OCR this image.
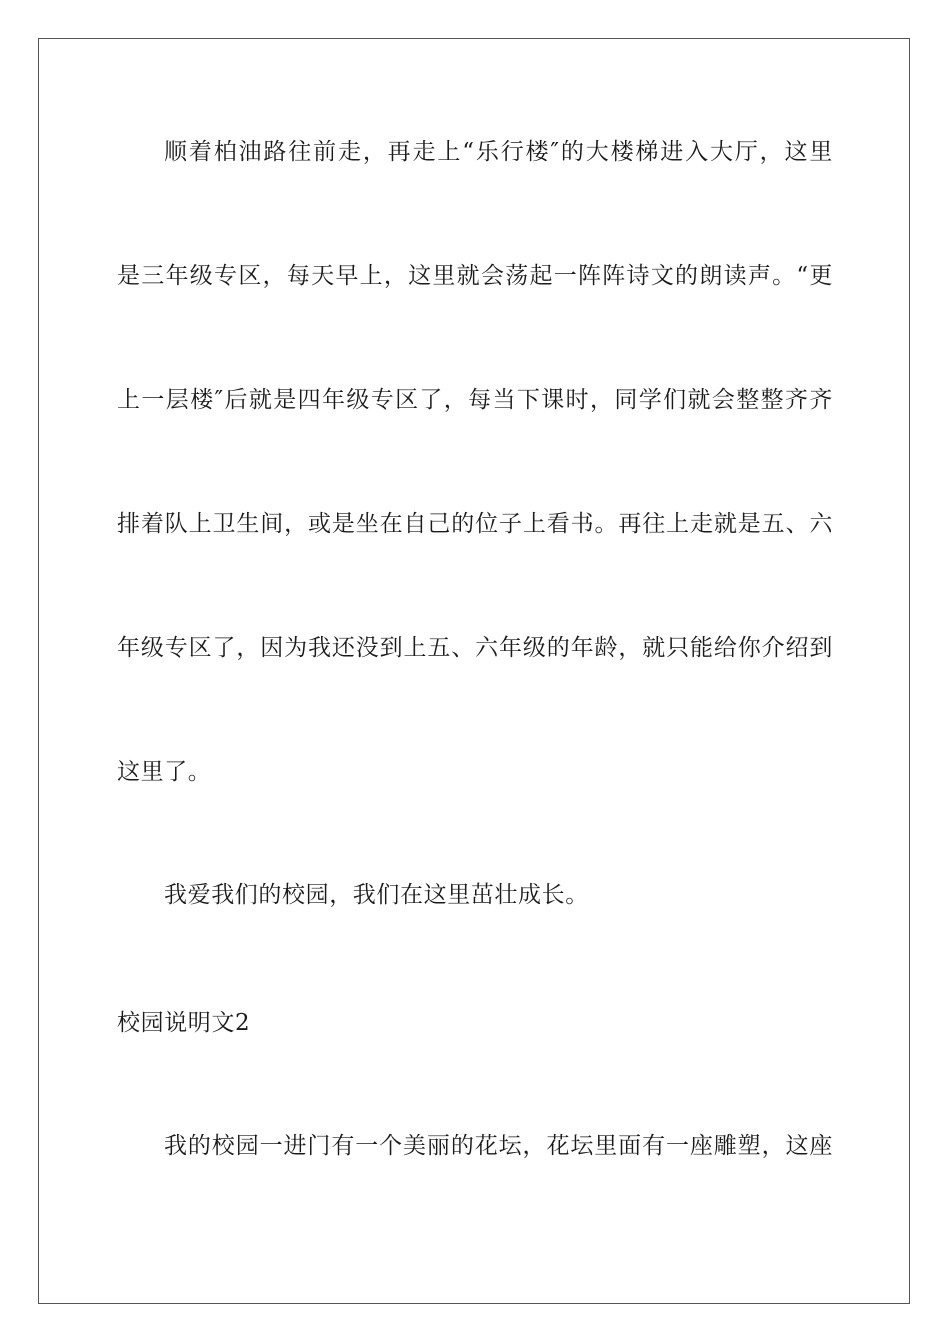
顺着柏油路往前走，再走上“乐行楼″的大楼梯进入大厅，这里
是三年级专区，每天早上，这里就会荡起一阵阵诗文的朗读声。“更
上一层楼″后就是四年级专区了，每当下课时，同学们就会整整齐齐
排着队上卫生间，或是坐在自己的位子上看书。再往上走就是五、六
年级专区了，因为我还没到上五、六年级的年龄，就只能给你介绍到
这里了。
我爱我们的校园，我们在这里茁壮成长。
校园说明文2
我的校园一进门有一个美丽的花坛，花坛里面有一座雕塑，这座
